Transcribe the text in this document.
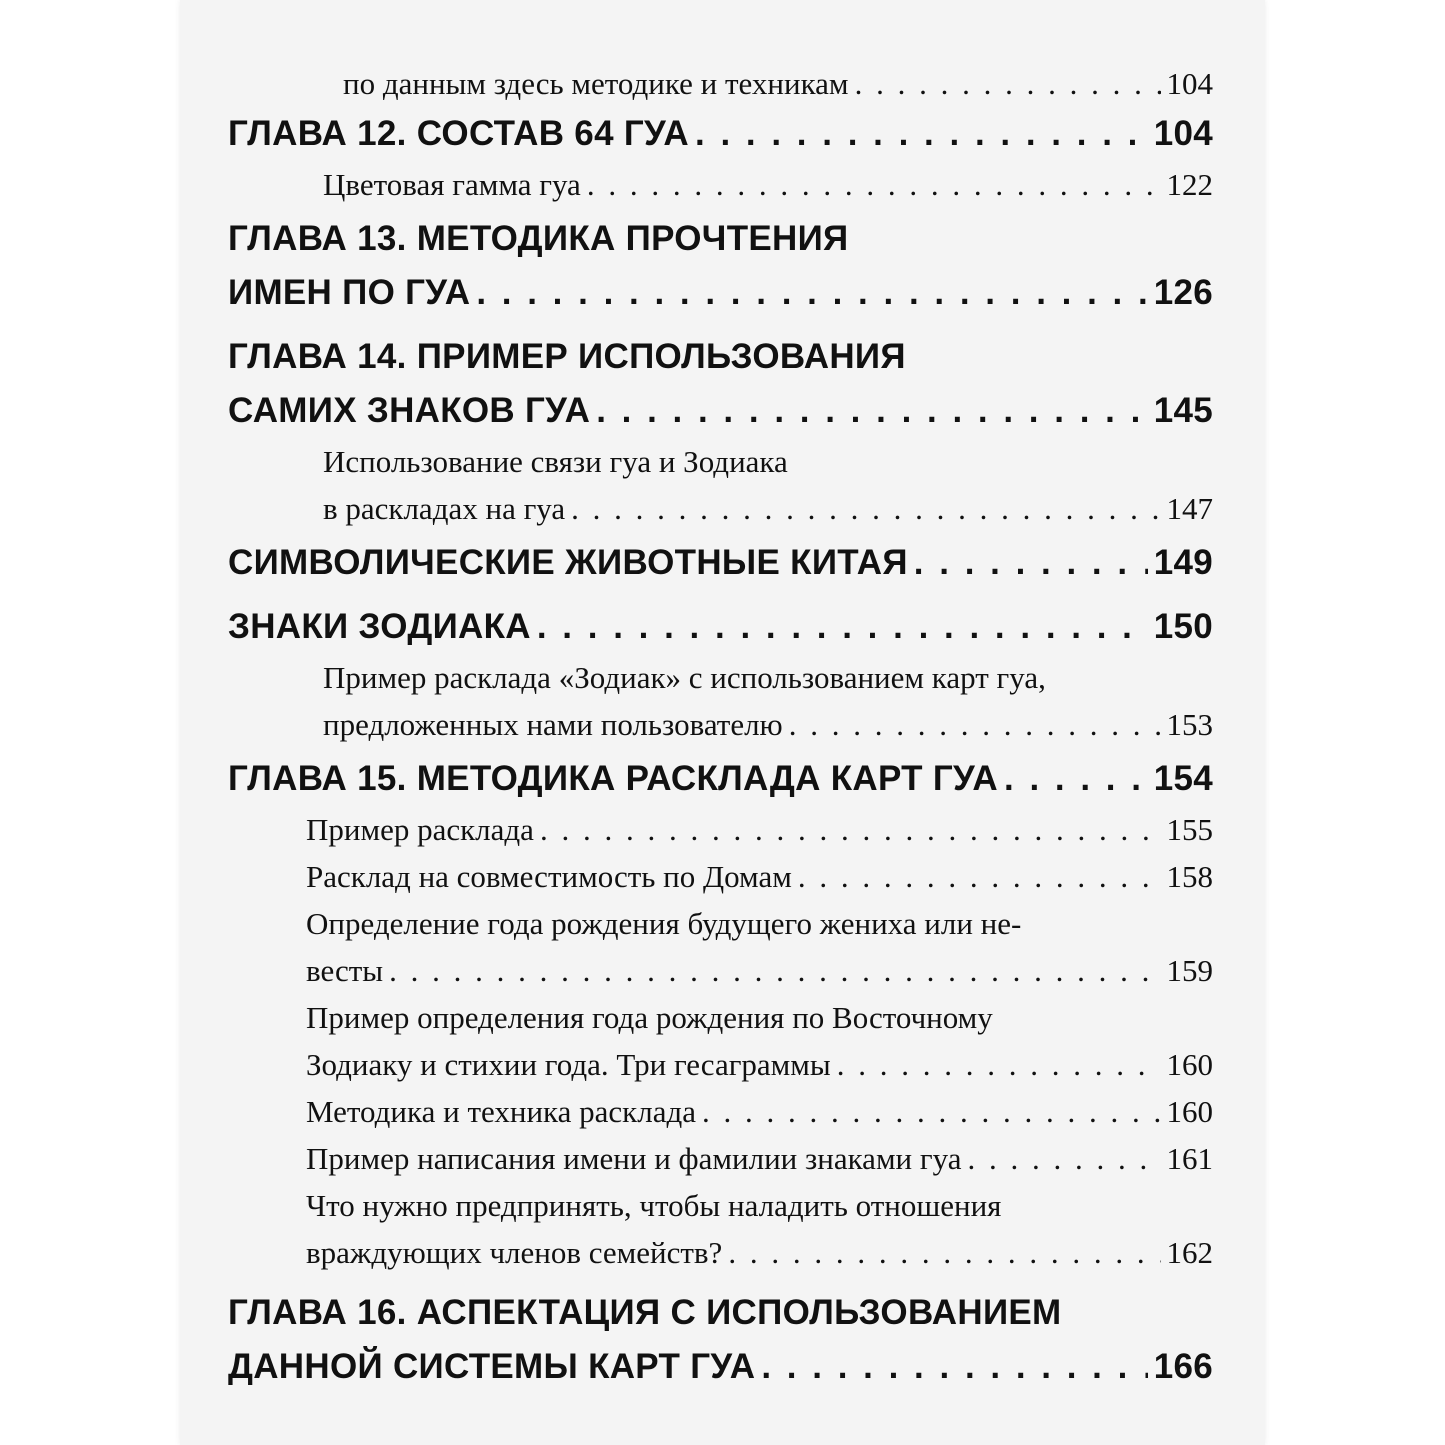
по данным здесь методике и техникам . . .	104
ГЛАВА 12. СОСТАВ 64 ГУА . . .	104
Цветовая гамма гуа . . .	122
ГЛАВА 13. МЕТОДИКА ПРОЧТЕНИЯ
ИМЕН ПО ГУА . . .	126
ГЛАВА 14. ПРИМЕР ИСПОЛЬЗОВАНИЯ
САМИХ ЗНАКОВ ГУА . . .	145
Использование связи гуа и Зодиака
в раскладах на гуа . . .	147
СИМВОЛИЧЕСКИЕ ЖИВОТНЫЕ КИТАЯ . . .	149
ЗНАКИ ЗОДИАКА . . .	150
Пример расклада «Зодиак» с использованием карт гуа,
предложенных нами пользователю . . .	153
ГЛАВА 15. МЕТОДИКА РАСКЛАДА КАРТ ГУА . . .	154
Пример расклада . . .	155
Расклад на совместимость по Домам . . .	158
Определение года рождения будущего жениха или не-
весты . . .	159
Пример определения года рождения по Восточному
Зодиаку и стихии года. Три гесаграммы . . .	160
Методика и техника расклада . . .	160
Пример написания имени и фамилии знаками гуа . . .	161
Что нужно предпринять, чтобы наладить отношения
враждующих членов семейств? . . .	162
ГЛАВА 16. АСПЕКТАЦИЯ С ИСПОЛЬЗОВАНИЕМ
ДАННОЙ СИСТЕМЫ КАРТ ГУА . . .	166
